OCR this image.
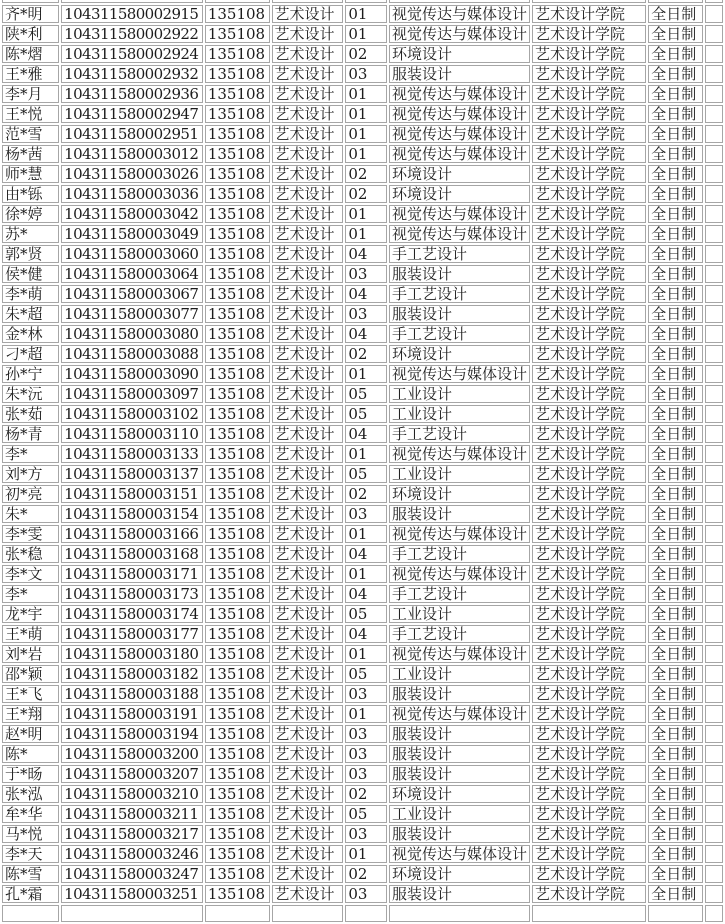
齐*明	104311580002915	135108	艺术设计	01	视觉传达与媒体设计	艺术设计学院	全日制	
陕*利	104311580002922	135108	艺术设计	01	视觉传达与媒体设计	艺术设计学院	全日制	
陈*熠	104311580002924	135108	艺术设计	02	环境设计	艺术设计学院	全日制	
王*雅	104311580002932	135108	艺术设计	03	服装设计	艺术设计学院	全日制	
李*月	104311580002936	135108	艺术设计	01	视觉传达与媒体设计	艺术设计学院	全日制	
王*悦	104311580002947	135108	艺术设计	01	视觉传达与媒体设计	艺术设计学院	全日制	
范*雪	104311580002951	135108	艺术设计	01	视觉传达与媒体设计	艺术设计学院	全日制	
杨*茜	104311580003012	135108	艺术设计	01	视觉传达与媒体设计	艺术设计学院	全日制	
师*慧	104311580003026	135108	艺术设计	02	环境设计	艺术设计学院	全日制	
由*铄	104311580003036	135108	艺术设计	02	环境设计	艺术设计学院	全日制	
徐*婷	104311580003042	135108	艺术设计	01	视觉传达与媒体设计	艺术设计学院	全日制	
苏*	104311580003049	135108	艺术设计	01	视觉传达与媒体设计	艺术设计学院	全日制	
郭*贤	104311580003060	135108	艺术设计	04	手工艺设计	艺术设计学院	全日制	
侯*健	104311580003064	135108	艺术设计	03	服装设计	艺术设计学院	全日制	
李*萌	104311580003067	135108	艺术设计	04	手工艺设计	艺术设计学院	全日制	
朱*超	104311580003077	135108	艺术设计	03	服装设计	艺术设计学院	全日制	
金*林	104311580003080	135108	艺术设计	04	手工艺设计	艺术设计学院	全日制	
刁*超	104311580003088	135108	艺术设计	02	环境设计	艺术设计学院	全日制	
孙*宁	104311580003090	135108	艺术设计	01	视觉传达与媒体设计	艺术设计学院	全日制	
朱*沅	104311580003097	135108	艺术设计	05	工业设计	艺术设计学院	全日制	
张*茹	104311580003102	135108	艺术设计	05	工业设计	艺术设计学院	全日制	
杨*青	104311580003110	135108	艺术设计	04	手工艺设计	艺术设计学院	全日制	
李*	104311580003133	135108	艺术设计	01	视觉传达与媒体设计	艺术设计学院	全日制	
刘*方	104311580003137	135108	艺术设计	05	工业设计	艺术设计学院	全日制	
初*亮	104311580003151	135108	艺术设计	02	环境设计	艺术设计学院	全日制	
朱*	104311580003154	135108	艺术设计	03	服装设计	艺术设计学院	全日制	
李*雯	104311580003166	135108	艺术设计	01	视觉传达与媒体设计	艺术设计学院	全日制	
张*稳	104311580003168	135108	艺术设计	04	手工艺设计	艺术设计学院	全日制	
李*文	104311580003171	135108	艺术设计	01	视觉传达与媒体设计	艺术设计学院	全日制	
李*	104311580003173	135108	艺术设计	04	手工艺设计	艺术设计学院	全日制	
龙*宇	104311580003174	135108	艺术设计	05	工业设计	艺术设计学院	全日制	
王*萌	104311580003177	135108	艺术设计	04	手工艺设计	艺术设计学院	全日制	
刘*岩	104311580003180	135108	艺术设计	01	视觉传达与媒体设计	艺术设计学院	全日制	
邵*颖	104311580003182	135108	艺术设计	05	工业设计	艺术设计学院	全日制	
王*飞	104311580003188	135108	艺术设计	03	服装设计	艺术设计学院	全日制	
王*翔	104311580003191	135108	艺术设计	01	视觉传达与媒体设计	艺术设计学院	全日制	
赵*明	104311580003194	135108	艺术设计	03	服装设计	艺术设计学院	全日制	
陈*	104311580003200	135108	艺术设计	03	服装设计	艺术设计学院	全日制	
于*旸	104311580003207	135108	艺术设计	03	服装设计	艺术设计学院	全日制	
张*泓	104311580003210	135108	艺术设计	02	环境设计	艺术设计学院	全日制	
牟*华	104311580003211	135108	艺术设计	05	工业设计	艺术设计学院	全日制	
马*悦	104311580003217	135108	艺术设计	03	服装设计	艺术设计学院	全日制	
李*天	104311580003246	135108	艺术设计	01	视觉传达与媒体设计	艺术设计学院	全日制	
陈*雪	104311580003247	135108	艺术设计	02	环境设计	艺术设计学院	全日制	
孔*霜	104311580003251	135108	艺术设计	03	服装设计	艺术设计学院	全日制	
